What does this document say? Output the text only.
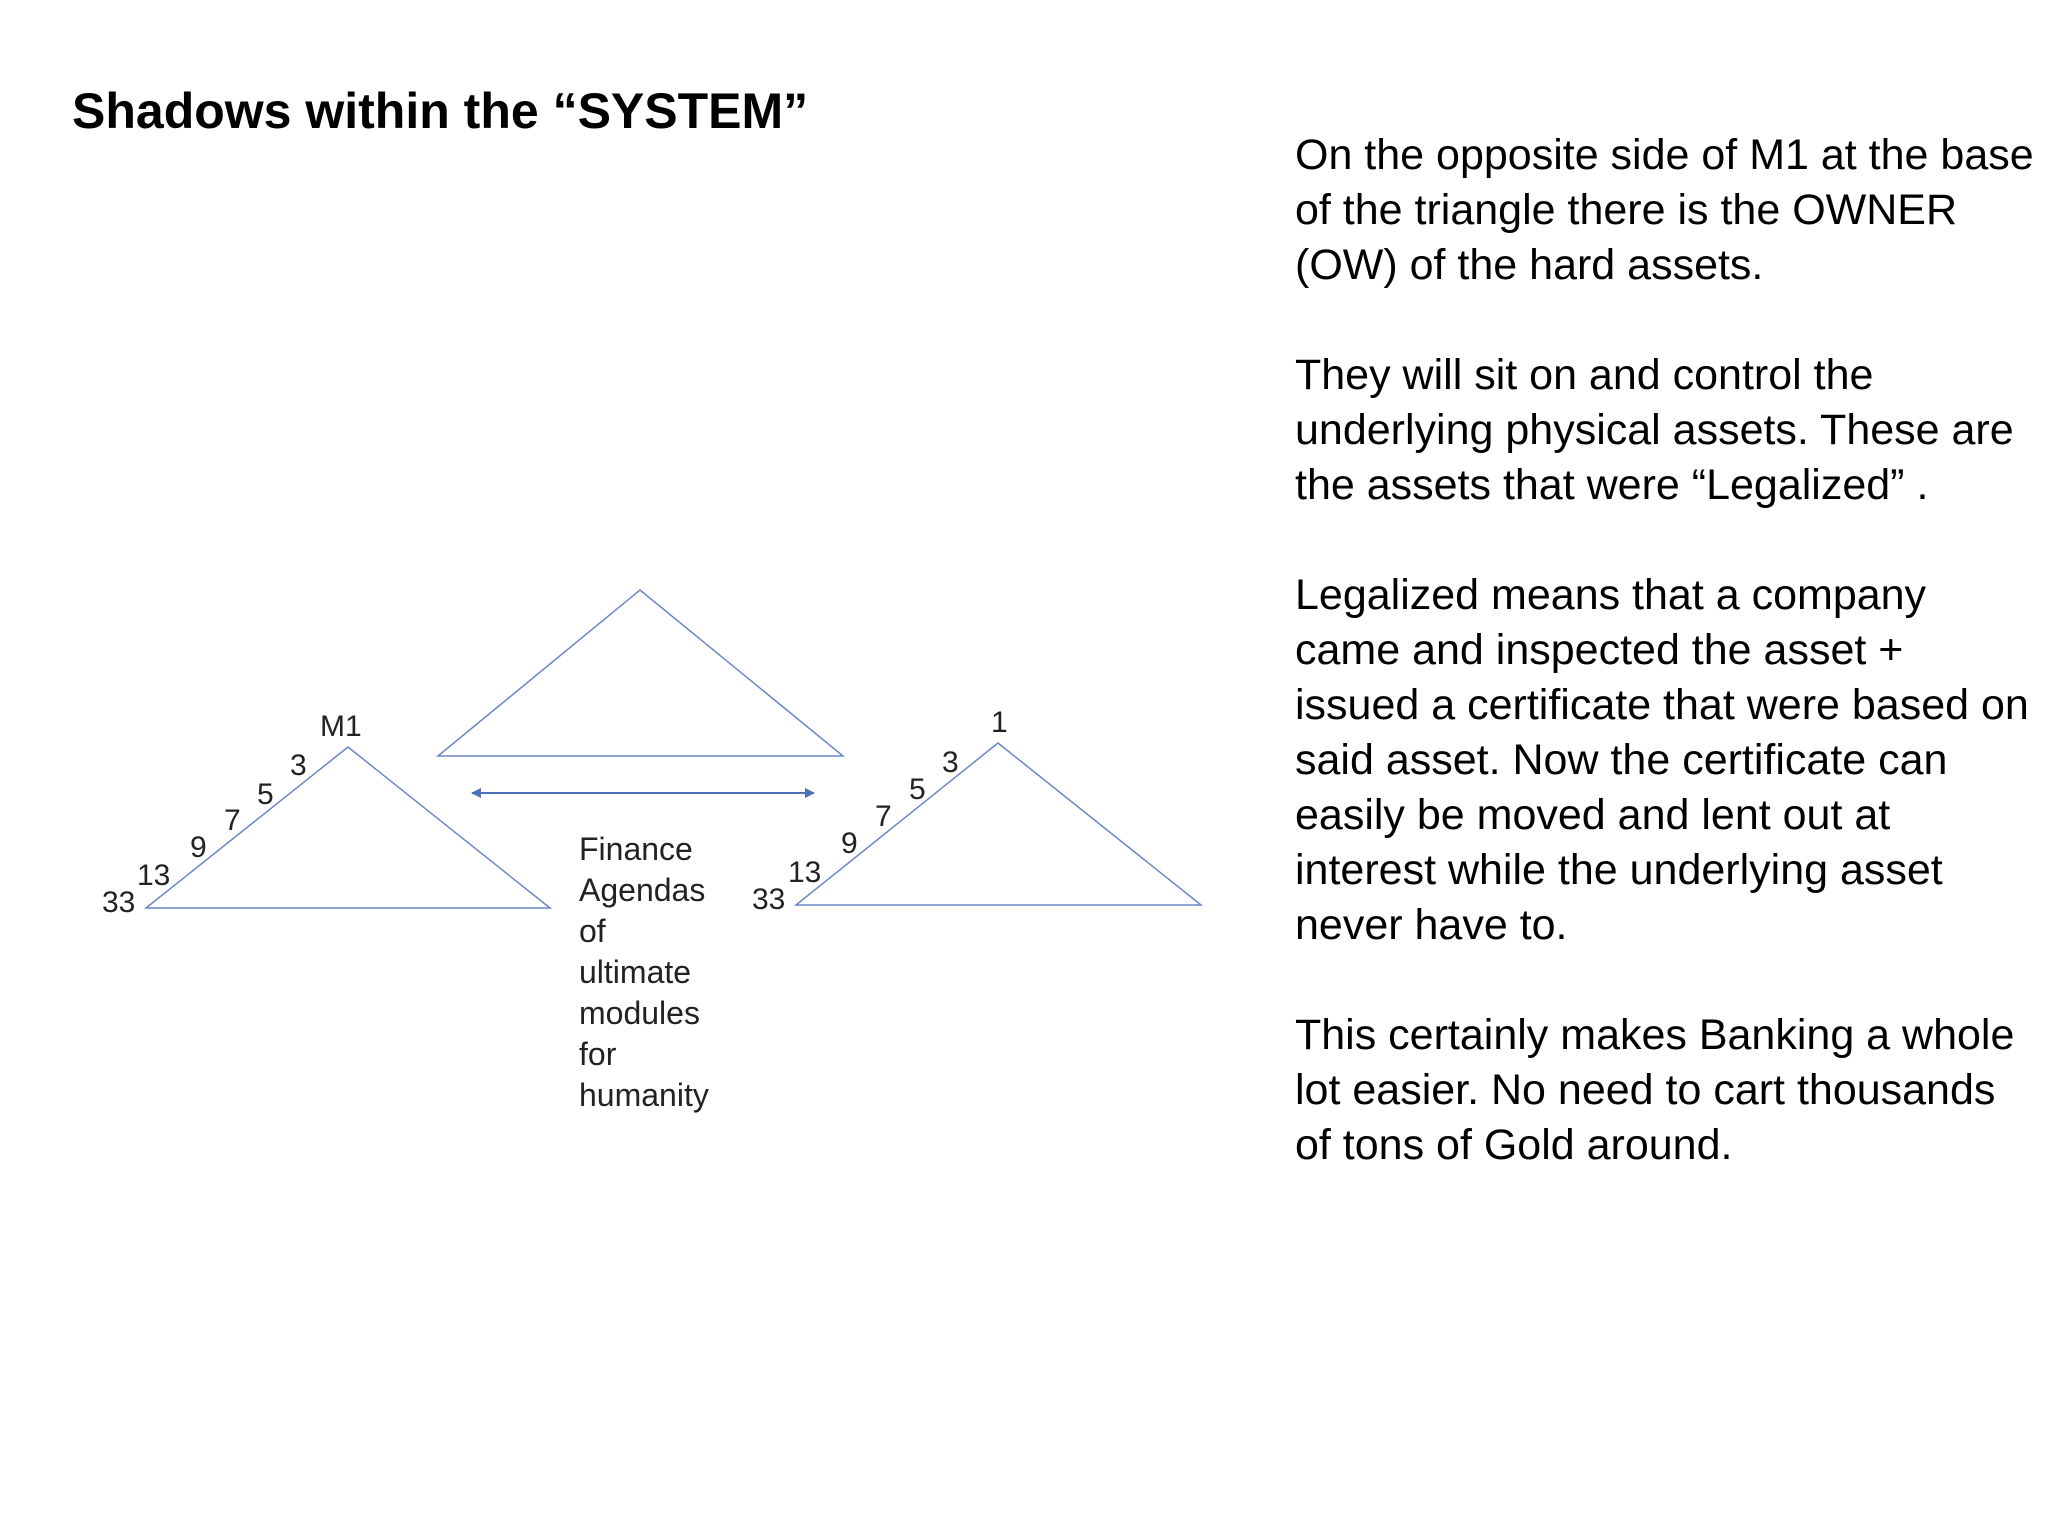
Shadows within the “SYSTEM”

On the opposite side of M1 at the base of the triangle there is the OWNER (OW) of the hard assets.

They will sit on and control the underlying physical assets. These are the assets that were “Legalized” .

Legalized means that a company came and inspected the asset + issued a certificate that were based on said asset. Now the certificate can easily be moved and lent out at interest while the underlying asset never have to.

This certainly makes Banking a whole lot easier. No need to cart thousands of tons of Gold around.

M1
3
5
7
9
13
33
1
3
5
7
9
13
33
Finance
Agendas
of
ultimate
modules
for
humanity
